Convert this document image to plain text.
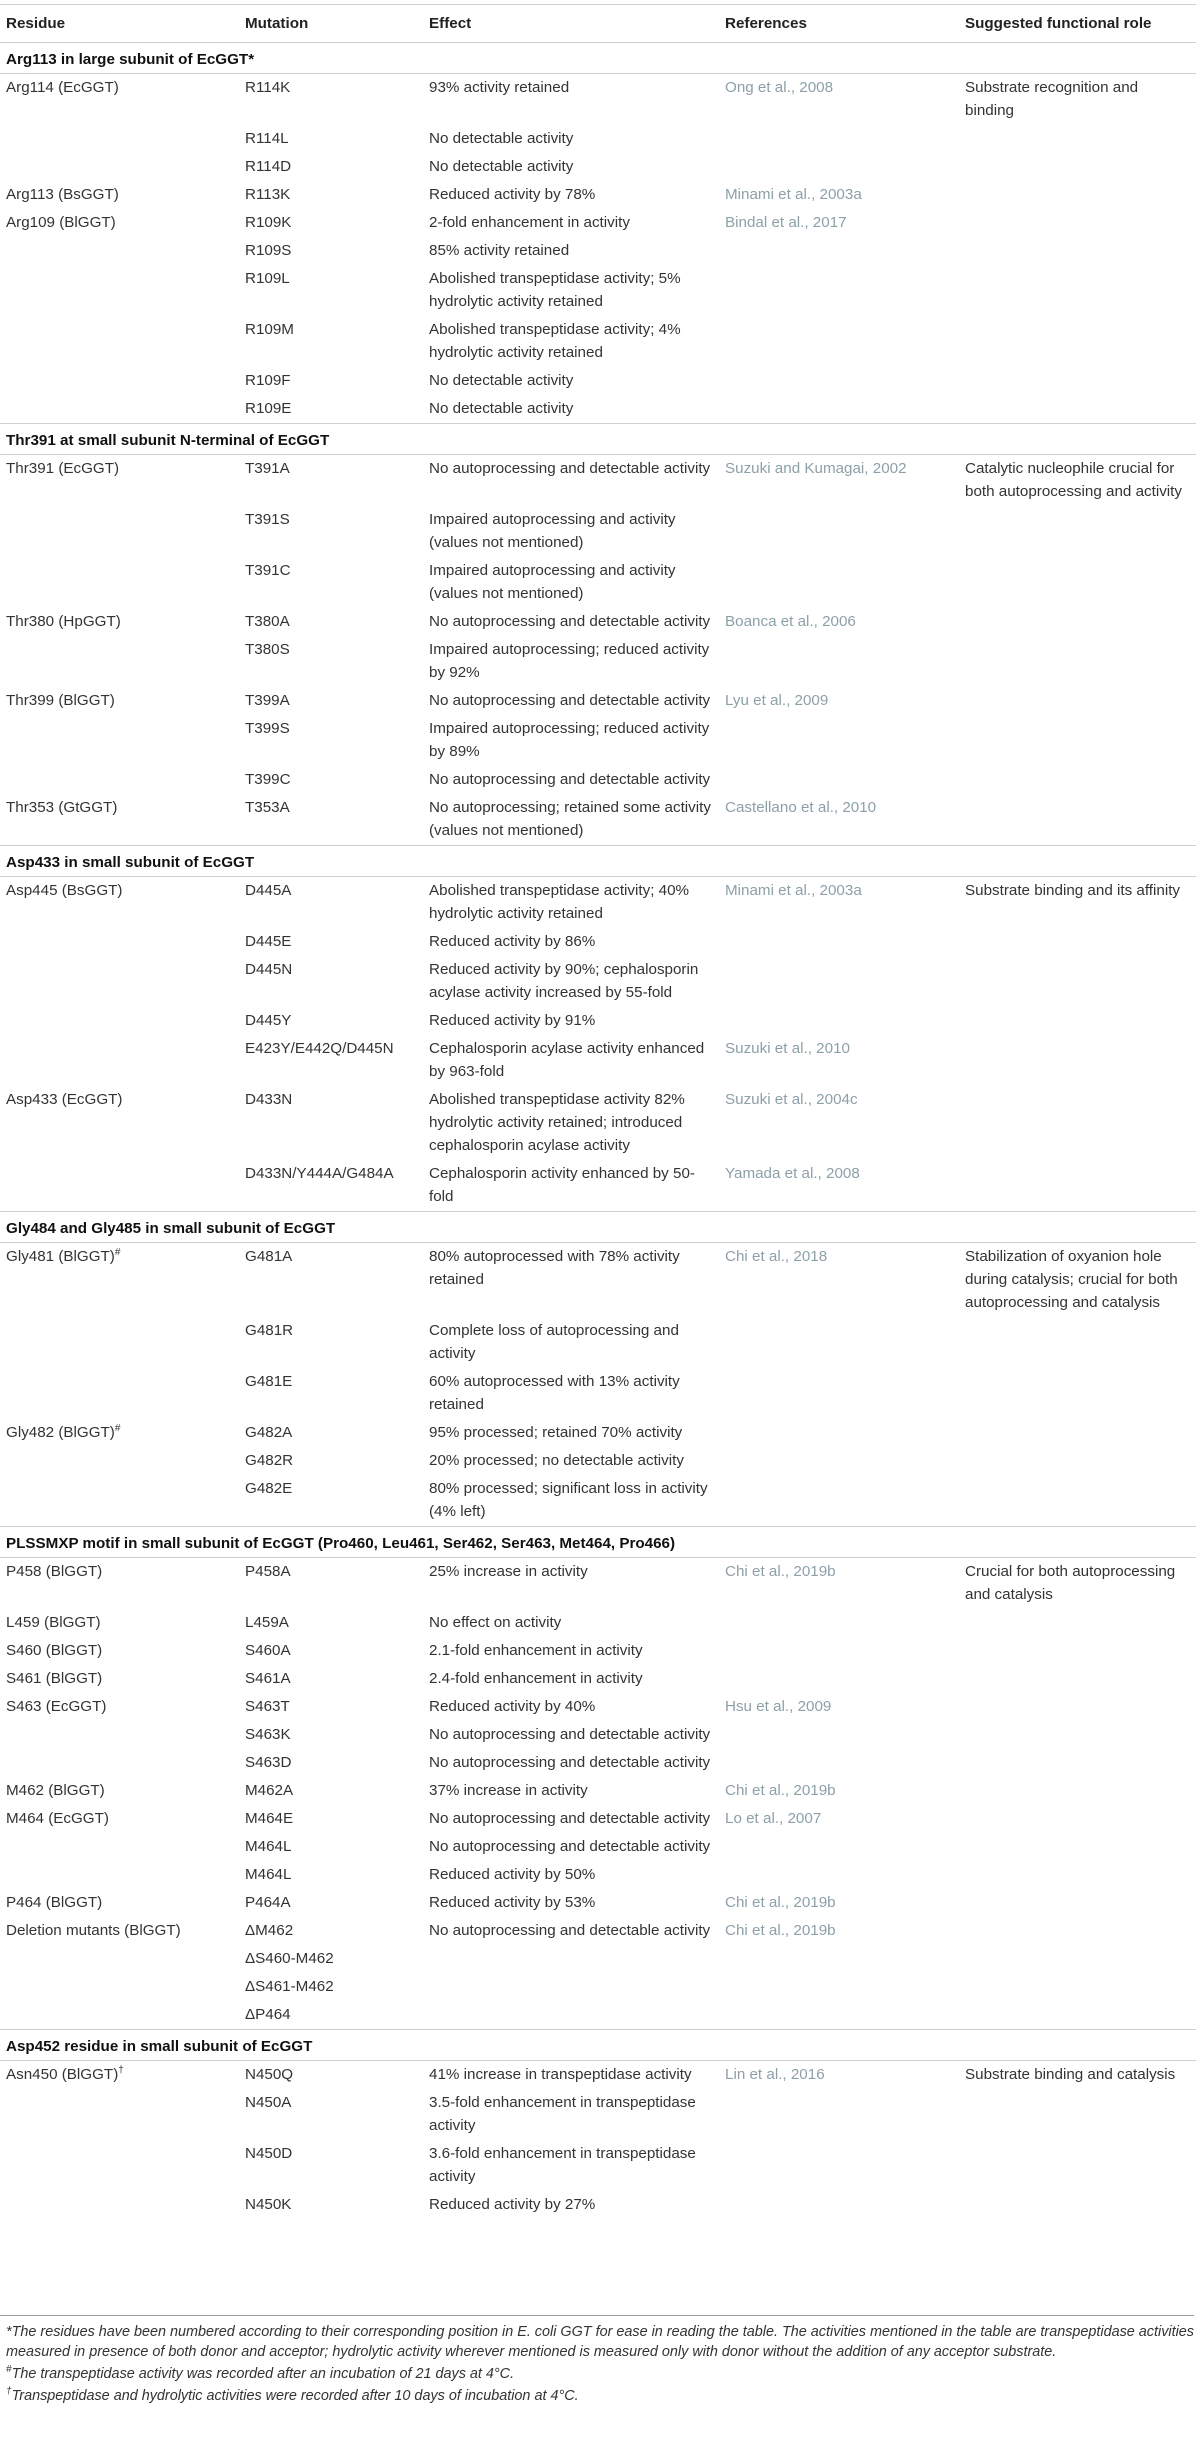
Residue	Mutation	Effect	References	Suggested functional role
Arg113 in large subunit of EcGGT*				
Arg114 (EcGGT)	R114K	93% activity retained	Ong et al., 2008	Substrate recognition and binding
	R114L	No detectable activity		
	R114D	No detectable activity		
Arg113 (BsGGT)	R113K	Reduced activity by 78%	Minami et al., 2003a	
Arg109 (BlGGT)	R109K	2-fold enhancement in activity	Bindal et al., 2017	
	R109S	85% activity retained		
	R109L	Abolished transpeptidase activity; 5% hydrolytic activity retained		
	R109M	Abolished transpeptidase activity; 4% hydrolytic activity retained		
	R109F	No detectable activity		
	R109E	No detectable activity		
Thr391 at small subunit N-terminal of EcGGT				
Thr391 (EcGGT)	T391A	No autoprocessing and detectable activity	Suzuki and Kumagai, 2002	Catalytic nucleophile crucial for both autoprocessing and activity
	T391S	Impaired autoprocessing and activity (values not mentioned)		
	T391C	Impaired autoprocessing and activity (values not mentioned)		
Thr380 (HpGGT)	T380A	No autoprocessing and detectable activity	Boanca et al., 2006	
	T380S	Impaired autoprocessing; reduced activity by 92%		
Thr399 (BlGGT)	T399A	No autoprocessing and detectable activity	Lyu et al., 2009	
	T399S	Impaired autoprocessing; reduced activity by 89%		
	T399C	No autoprocessing and detectable activity		
Thr353 (GtGGT)	T353A	No autoprocessing; retained some activity (values not mentioned)	Castellano et al., 2010	
Asp433 in small subunit of EcGGT				
Asp445 (BsGGT)	D445A	Abolished transpeptidase activity; 40% hydrolytic activity retained	Minami et al., 2003a	Substrate binding and its affinity
	D445E	Reduced activity by 86%		
	D445N	Reduced activity by 90%; cephalosporin acylase activity increased by 55-fold		
	D445Y	Reduced activity by 91%		
	E423Y/E442Q/D445N	Cephalosporin acylase activity enhanced by 963-fold	Suzuki et al., 2010	
Asp433 (EcGGT)	D433N	Abolished transpeptidase activity 82% hydrolytic activity retained; introduced cephalosporin acylase activity	Suzuki et al., 2004c	
	D433N/Y444A/G484A	Cephalosporin activity enhanced by 50-fold	Yamada et al., 2008	
Gly484 and Gly485 in small subunit of EcGGT				
Gly481 (BlGGT)#	G481A	80% autoprocessed with 78% activity retained	Chi et al., 2018	Stabilization of oxyanion hole during catalysis; crucial for both autoprocessing and catalysis
	G481R	Complete loss of autoprocessing and activity		
	G481E	60% autoprocessed with 13% activity retained		
Gly482 (BlGGT)#	G482A	95% processed; retained 70% activity		
	G482R	20% processed; no detectable activity		
	G482E	80% processed; significant loss in activity (4% left)		
PLSSMXP motif in small subunit of EcGGT (Pro460, Leu461, Ser462, Ser463, Met464, Pro466)				
P458 (BlGGT)	P458A	25% increase in activity	Chi et al., 2019b	Crucial for both autoprocessing and catalysis
L459 (BlGGT)	L459A	No effect on activity		
S460 (BlGGT)	S460A	2.1-fold enhancement in activity		
S461 (BlGGT)	S461A	2.4-fold enhancement in activity		
S463 (EcGGT)	S463T	Reduced activity by 40%	Hsu et al., 2009	
	S463K	No autoprocessing and detectable activity		
	S463D	No autoprocessing and detectable activity		
M462 (BlGGT)	M462A	37% increase in activity	Chi et al., 2019b	
M464 (EcGGT)	M464E	No autoprocessing and detectable activity	Lo et al., 2007	
	M464L	No autoprocessing and detectable activity		
	M464L	Reduced activity by 50%		
P464 (BlGGT)	P464A	Reduced activity by 53%	Chi et al., 2019b	
Deletion mutants (BlGGT)	ΔM462	No autoprocessing and detectable activity	Chi et al., 2019b	
	ΔS460-M462			
	ΔS461-M462			
	ΔP464			
Asp452 residue in small subunit of EcGGT				
Asn450 (BlGGT)†	N450Q	41% increase in transpeptidase activity	Lin et al., 2016	Substrate binding and catalysis
	N450A	3.5-fold enhancement in transpeptidase activity		
	N450D	3.6-fold enhancement in transpeptidase activity		
	N450K	Reduced activity by 27%		

*The residues have been numbered according to their corresponding position in E. coli GGT for ease in reading the table. The activities mentioned in the table are transpeptidase activities measured in presence of both donor and acceptor; hydrolytic activity wherever mentioned is measured only with donor without the addition of any acceptor substrate.

#The transpeptidase activity was recorded after an incubation of 21 days at 4°C.

†Transpeptidase and hydrolytic activities were recorded after 10 days of incubation at 4°C.
